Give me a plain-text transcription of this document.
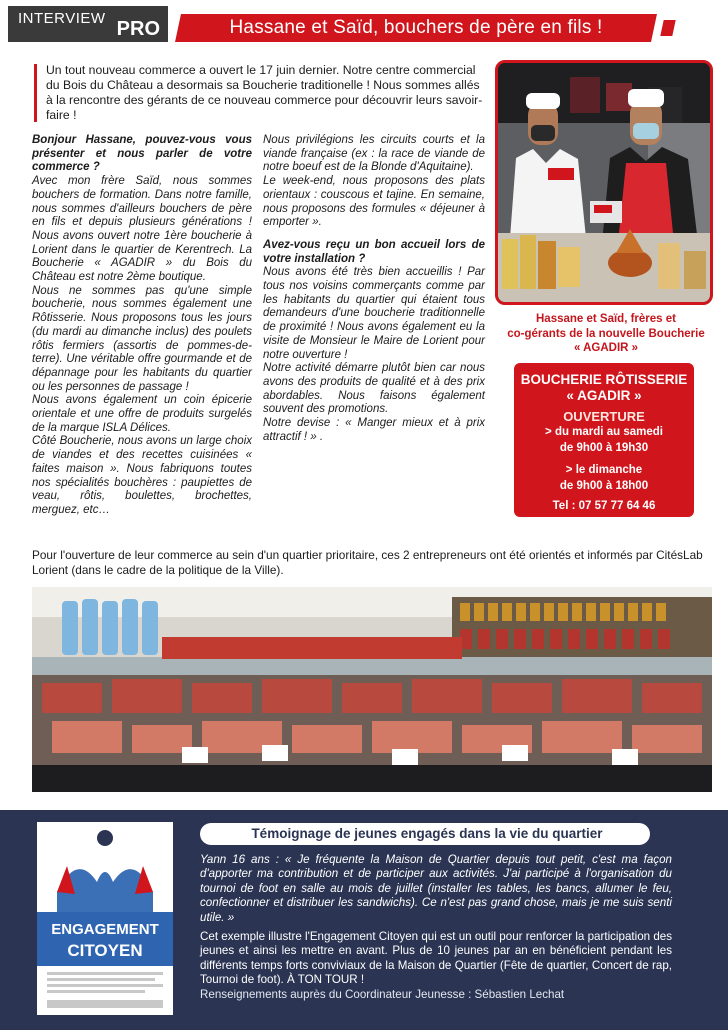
INTERVIEW PRO	Hassane et Saïd, bouchers de père en fils !
Un tout nouveau commerce a ouvert le 17 juin dernier. Notre centre commercial du Bois du Château a desormais sa Boucherie traditionelle ! Nous sommes allés à la rencontre des gérants de ce nouveau commerce pour découvrir leurs savoir-faire !

Bonjour Hassane, pouvez-vous vous présenter et nous parler de votre commerce ?

Avec mon frère Saïd, nous sommes bouchers de formation. Dans notre famille, nous sommes d'ailleurs bouchers de père en fils et depuis plusieurs générations ! Nous avons ouvert notre 1ère boucherie à Lorient dans le quartier de Kerentrech. La Boucherie « AGADIR » du Bois du Château est notre 2ème boutique.

Nous ne sommes pas qu'une simple boucherie, nous sommes également une Rôtisserie. Nous proposons tous les jours (du mardi au dimanche inclus) des poulets rôtis fermiers (assortis de pommes-de-terre). Une véritable offre gourmande et de dépannage pour les habitants du quartier ou les personnes de passage !

Nous avons également un coin épicerie orientale et une offre de produits surgelés de la marque ISLA Délices.

Côté Boucherie, nous avons un large choix de viandes et des recettes cuisinées « faites maison ». Nous fabriquons toutes nos spécialités bouchères : paupiettes de veau, rôtis, boulettes, brochettes, merguez, etc…

Nous privilégions les circuits courts et la viande française (ex : la race de viande de notre boeuf est de la Blonde d'Aquitaine).

Le week-end, nous proposons des plats orientaux : couscous et tajine. En semaine, nous proposons des formules « déjeuner à emporter ».

Avez-vous reçu un bon accueil lors de votre installation ?

Nous avons été très bien accueillis ! Par tous nos voisins commerçants comme par les habitants du quartier qui étaient tous demandeurs d'une boucherie traditionnelle de proximité ! Nous avons également eu la visite de Monsieur le Maire de Lorient pour notre ouverture !

Notre activité démarre plutôt bien car nous avons des produits de qualité et à des prix abordables. Nous faisons également souvent des promotions.

Notre devise : « Manger mieux et à prix attractif ! » .

Hassane et Saïd, frères et
co-gérants de la nouvelle Boucherie
« AGADIR »
BOUCHERIE RÔTISSERIE
« AGADIR »
OUVERTURE
> du mardi au samedi
de 9h00 à 19h30
> le dimanche
de 9h00 à 18h00
Tel : 07 57 77 64 46
Pour l'ouverture de leur commerce au sein d'un quartier prioritaire, ces 2 entrepreneurs ont été orientés et informés par CitésLab Lorient (dans le cadre de la politique de la Ville).
ENGAGEMENT
CITOYEN
Témoignage de jeunes engagés dans la vie du quartier

Yann 16 ans : « Je fréquente la Maison de Quartier depuis tout petit, c'est ma façon d'apporter ma contribution et de participer aux activités. J'ai participé à l'organisation du tournoi de foot en salle au mois de juillet (installer les tables, les bancs, allumer le feu, confectionner et distribuer les sandwichs). Ce n'est pas grand chose, mais je me suis senti utile. »

Cet exemple illustre l'Engagement Citoyen qui est un outil pour renforcer la participation des jeunes et ainsi les mettre en avant. Plus de 10 jeunes par an en bénéficient pendant les différents temps forts conviviaux de la Maison de Quartier (Fête de quartier, Concert de rap, Tournoi de foot). À TON TOUR !

Renseignements auprès du Coordinateur Jeunesse : Sébastien Lechat
